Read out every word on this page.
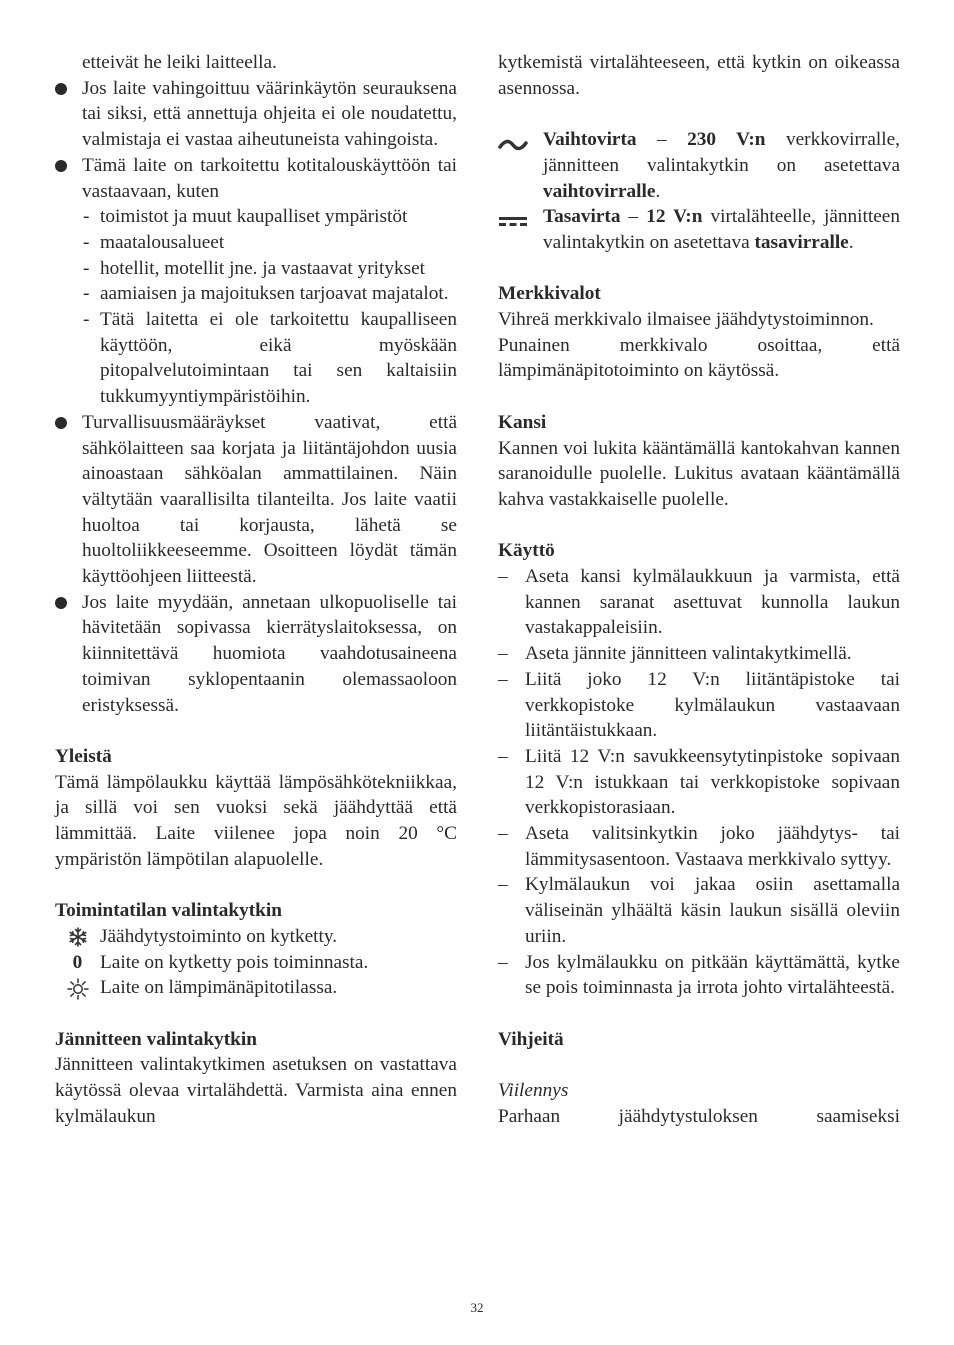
etteivät he leiki laitteella.
Jos laite vahingoittuu väärinkäytön seurauksena tai siksi, että annettuja ohjeita ei ole noudatettu, valmistaja ei vastaa aiheutuneista vahingoista.
Tämä laite on tarkoitettu kotitalouskäyttöön tai vastaavaan, kuten
- toimistot ja muut kaupalliset ympäristöt
- maatalousalueet
- hotellit, motellit jne. ja vastaavat yritykset
- aamiaisen ja majoituksen tarjoavat majatalot.
- Tätä laitetta ei ole tarkoitettu kaupalliseen käyttöön, eikä myöskään pitopalvelutoimintaan tai sen kaltaisiin tukkumyyntiympäristöihin.
Turvallisuusmääräykset vaativat, että sähkölaitteen saa korjata ja liitäntäjohdon uusia ainoastaan sähköalan ammattilainen. Näin vältytään vaarallisilta tilanteilta. Jos laite vaatii huoltoa tai korjausta, lähetä se huoltoliikkeeseemme. Osoitteen löydät tämän käyttöohjeen liitteestä.
Jos laite myydään, annetaan ulkopuoliselle tai hävitetään sopivassa kierrätyslaitoksessa, on kiinnitettävä huomiota vaahdotusaineena toimivan syklopentaanin olemassaoloon eristyksessä.
Yleistä
Tämä lämpölaukku käyttää lämpösähkötekniikkaa, ja sillä voi sen vuoksi sekä jäähdyttää että lämmittää. Laite viilenee jopa noin 20 °C ympäristön lämpötilan alapuolelle.
Toimintatilan valintakytkin
Jäähdytystoiminto on kytketty.
0 Laite on kytketty pois toiminnasta.
Laite on lämpimänäpitotilassa.
Jännitteen valintakytkin
Jännitteen valintakytkimen asetuksen on vastattava käytössä olevaa virtalähdettä. Varmista aina ennen kylmälaukun
kytkemistä virtalähteeseen, että kytkin on oikeassa asennossa.
Vaihtovirta – 230 V:n verkkovirralle, jännitteen valintakytkin on asetettava vaihtovirralle.
Tasavirta – 12 V:n virtalähteelle, jännitteen valintakytkin on asetettava tasavirralle.
Merkkivalot
Vihreä merkkivalo ilmaisee jäähdytystoiminnon.
Punainen merkkivalo osoittaa, että lämpimänäpitotoiminto on käytössä.
Kansi
Kannen voi lukita kääntämällä kantokahvan kannen saranoidulle puolelle. Lukitus avataan kääntämällä kahva vastakkaiselle puolelle.
Käyttö
– Aseta kansi kylmälaukkuun ja varmista, että kannen saranat asettuvat kunnolla laukun vastakappaleisiin.
– Aseta jännite jännitteen valintakytkimellä.
– Liitä joko 12 V:n liitäntäpistoke tai verkkopistoke kylmälaukun vastaavaan liitäntäistukkaan.
– Liitä 12 V:n savukkeensytytinpistoke sopivaan 12 V:n istukkaan tai verkkopistoke sopivaan verkkopistorasiaan.
– Aseta valitsinkytkin joko jäähdytys- tai lämmitysasentoon. Vastaava merkkivalo syttyy.
– Kylmälaukun voi jakaa osiin asettamalla väliseinän ylhäältä käsin laukun sisällä oleviin uriin.
– Jos kylmälaukku on pitkään käyttämättä, kytke se pois toiminnasta ja irrota johto virtalähteestä.
Vihjeitä
Viilennys
Parhaan jäähdytystuloksen saamiseksi
32
